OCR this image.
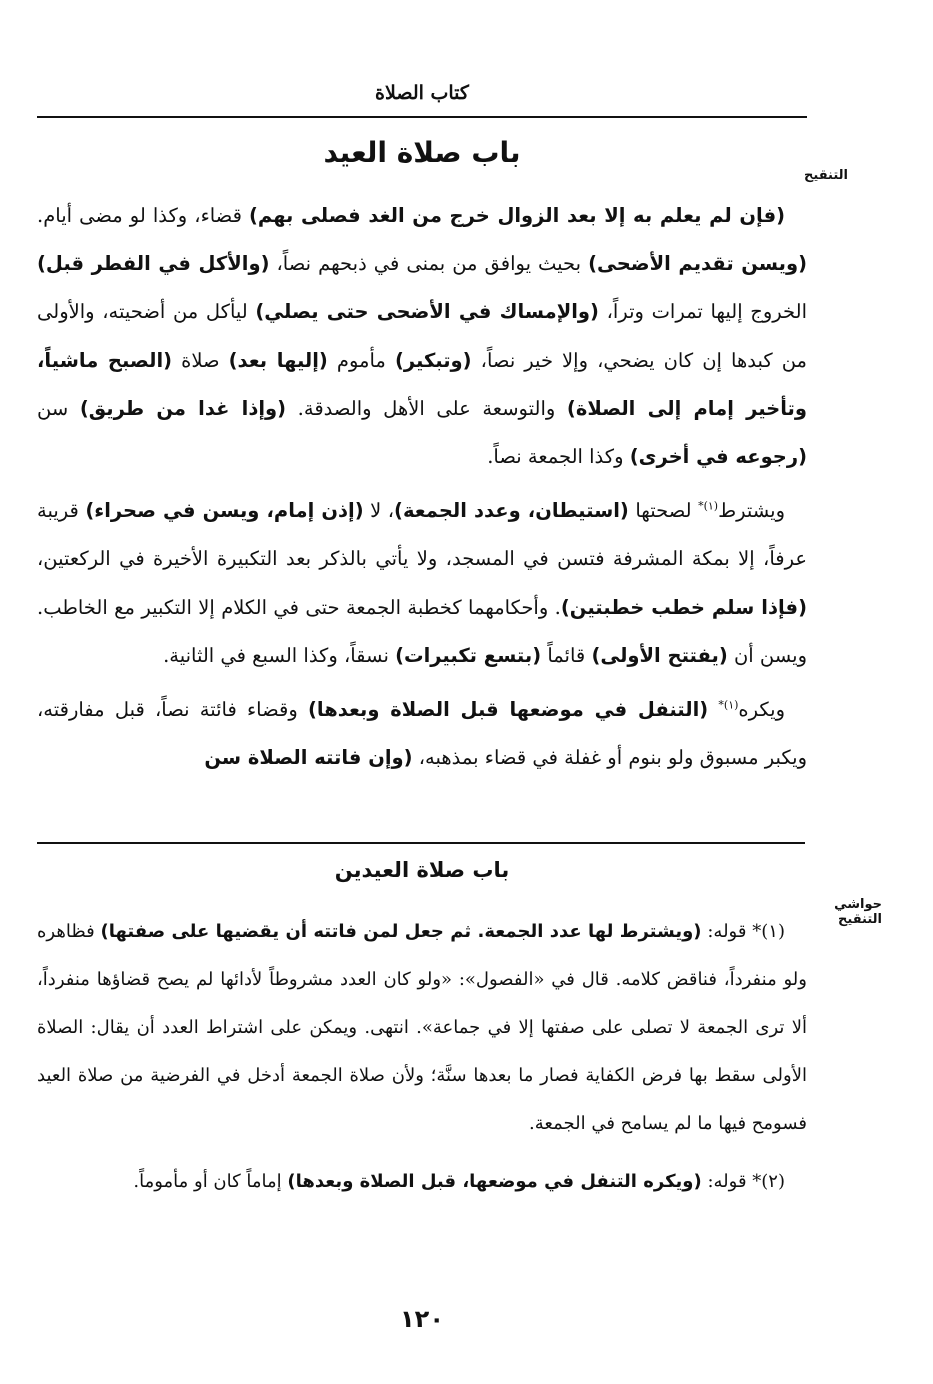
كتاب الصلاة
التنقيح
باب صلاة العيد

(فإن لم يعلم به إلا بعد الزوال خرج من الغد فصلى بهم) قضاء، وكذا لو مضى أيام. (ويسن تقديم الأضحى) بحيث يوافق من بمنى في ذبحهم نصاً، (والأكل في الفطر قبل) الخروج إليها تمرات وتراً، (والإمساك في الأضحى حتى يصلي) ليأكل من أضحيته، والأولى من كبدها إن كان يضحي، وإلا خير نصاً، (وتبكير) مأموم (إليها بعد) صلاة (الصبح ماشياً، وتأخير إمام إلى الصلاة) والتوسعة على الأهل والصدقة. (وإذا غدا من طريق) سن (رجوعه في أخرى) وكذا الجمعة نصاً.

ويشترط$^{(١)*}$ لصحتها (استيطان، وعدد الجمعة)، لا (إذن إمام، ويسن في صحراء) قريبة عرفاً، إلا بمكة المشرفة فتسن في المسجد، ولا يأتي بالذكر بعد التكبيرة الأخيرة في الركعتين، (فإذا سلم خطب خطبتين). وأحكامهما كخطبة الجمعة حتى في الكلام إلا التكبير مع الخاطب. ويسن أن (يفتتح الأولى) قائماً (بتسع تكبيرات) نسقاً، وكذا السبع في الثانية.

ويكره$^{(١)*}$ (التنفل في موضعها قبل الصلاة وبعدها) وقضاء فائتة نصاً، قبل مفارقته، ويكبر مسبوق ولو بنوم أو غفلة في قضاء بمذهبه، (وإن فاتته الصلاة سن

حواشي التنقيح
باب صلاة العيدين

(١)* قوله: (ويشترط لها عدد الجمعة. ثم جعل لمن فاتته أن يقضيها على صفتها) فظاهره ولو منفرداً، فناقض كلامه. قال في «الفصول»: «ولو كان العدد مشروطاً لأدائها لم يصح قضاؤها منفرداً، ألا ترى الجمعة لا تصلى على صفتها إلا في جماعة». انتهى. ويمكن على اشتراط العدد أن يقال: الصلاة الأولى سقط بها فرض الكفاية فصار ما بعدها سنَّة؛ ولأن صلاة الجمعة أدخل في الفرضية من صلاة العيد فسومح فيها ما لم يسامح في الجمعة.

(٢)* قوله: (ويكره التنفل في موضعها، قبل الصلاة وبعدها) إماماً كان أو مأموماً.

١٢٠
